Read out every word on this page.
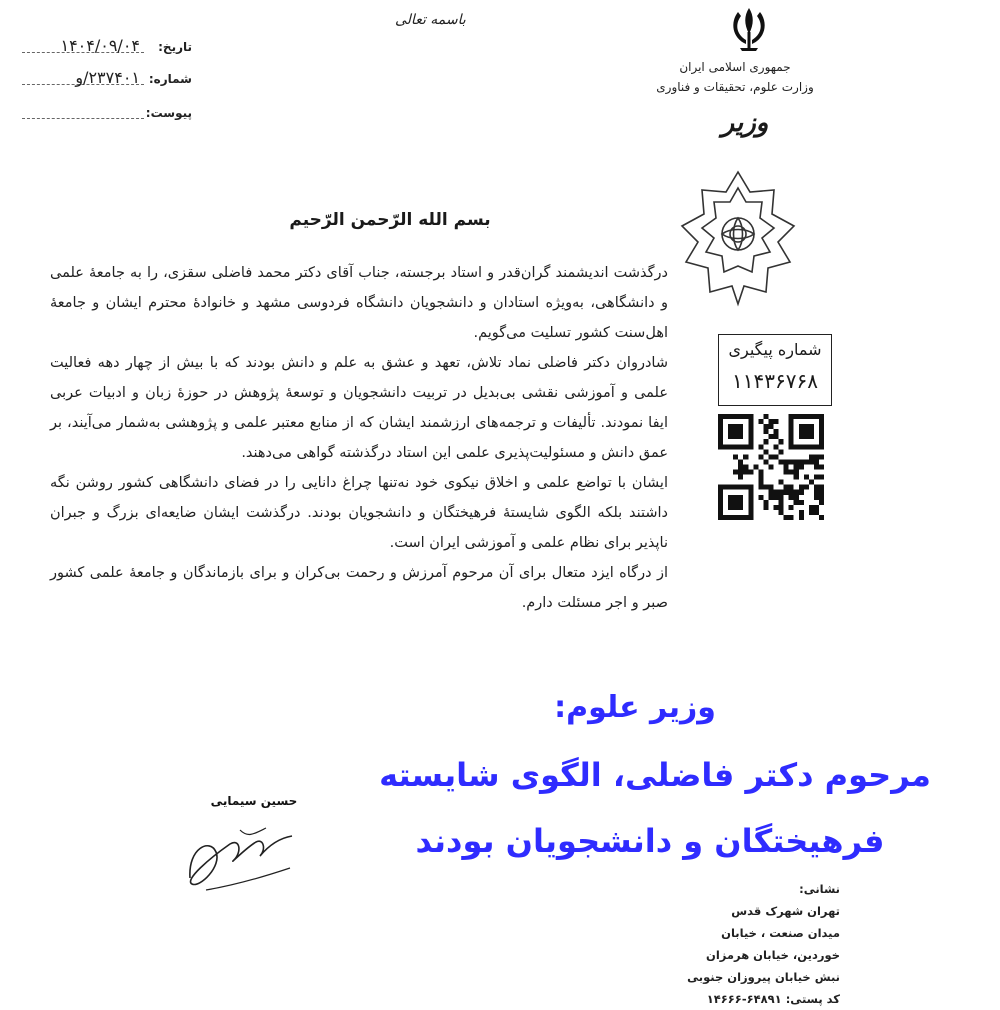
تاریخ:
۱۴۰۴/۰۹/۰۴
شماره:
۲۳۷۴۰۱/و
پیوست:
باسمه تعالی
جمهوری اسلامی ایران
وزارت علوم، تحقیقات و فناوری
وزیر
شماره پیگیری
۱۱۴۳۶۷۶۸
بسم الله الرّحمن الرّحیم

درگذشت اندیشمند گران‌قدر و استاد برجسته، جناب آقای دکتر محمد فاضلی سقزی، را به جامعهٔ علمی و دانشگاهی، به‌ویژه استادان و دانشجویان دانشگاه فردوسی مشهد و خانوادهٔ محترم ایشان و جامعهٔ اهل‌سنت کشور تسلیت می‌گویم.

شادروان دکتر فاضلی نماد تلاش، تعهد و عشق به علم و دانش بودند که با بیش از چهار دهه فعالیت علمی و آموزشی نقشی بی‌بدیل در تربیت دانشجویان و توسعهٔ پژوهش در حوزهٔ زبان و ادبیات عربی ایفا نمودند. تألیفات و ترجمه‌های ارزشمند ایشان که از منابع معتبر علمی و پژوهشی به‌شمار می‌آیند، بر عمق دانش و مسئولیت‌پذیری علمی این استاد درگذشته گواهی می‌دهند.

ایشان با تواضع علمی و اخلاق نیکوی خود نه‌تنها چراغ دانایی را در فضای دانشگاهی کشور روشن نگه داشتند بلکه الگوی شایستهٔ فرهیختگان و دانشجویان بودند. درگذشت ایشان ضایعه‌ای بزرگ و جبران ناپذیر برای نظام علمی و آموزشی ایران است.

از درگاه ایزد متعال برای آن مرحوم آمرزش و رحمت بی‌کران و برای بازماندگان و جامعهٔ علمی کشور صبر و اجر مسئلت دارم.

حسین سیمایی
وزیر علوم:
مرحوم دکتر فاضلی، الگوی شایسته
فرهیختگان و دانشجویان بودند
نشانی:
تهران شهرک قدس
میدان صنعت ، خیابان
خوردین، خیابان هرمزان
نبش خیابان پیروزان جنوبی
کد پستی: ۶۴۸۹۱-۱۴۶۶۶
